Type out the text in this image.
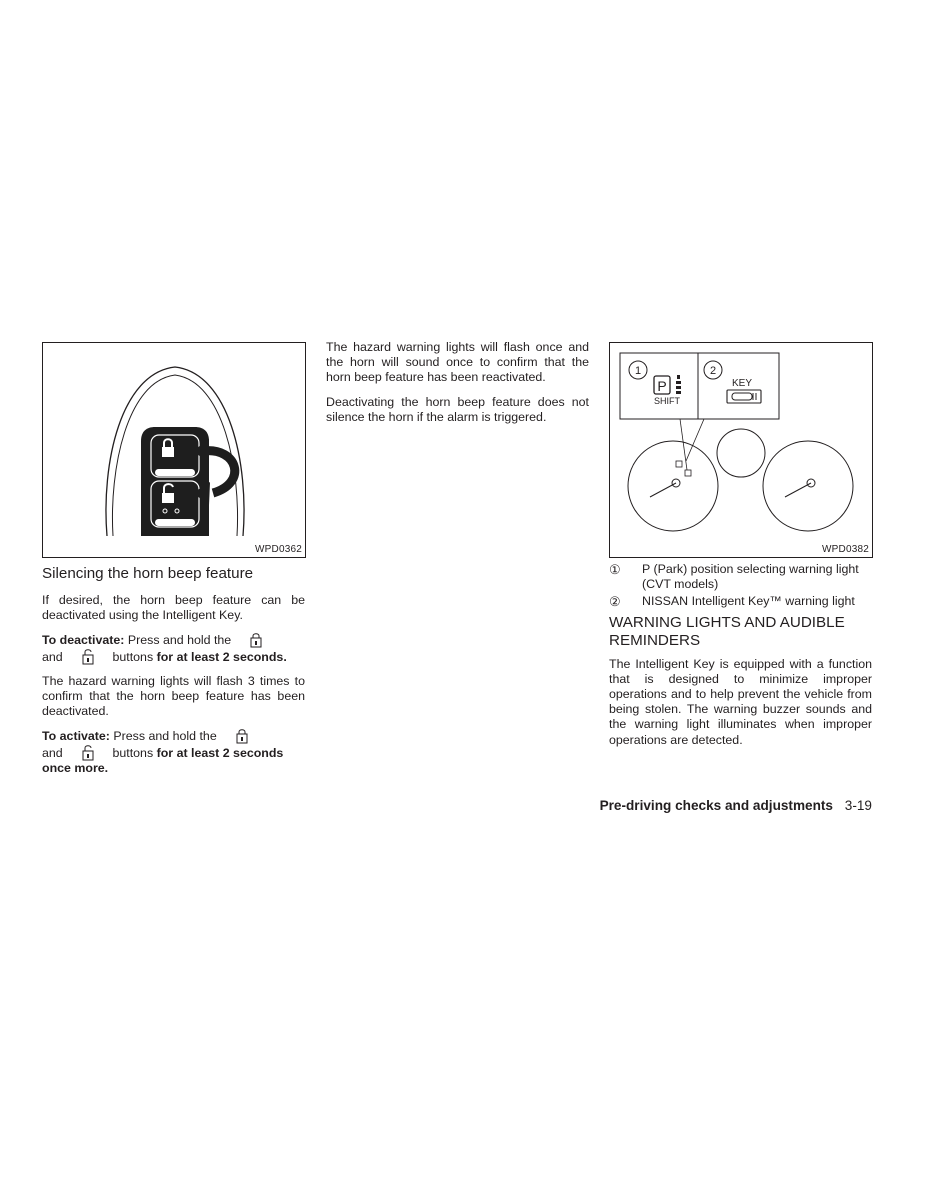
WPD0362
1	2
P
SHIFT
KEY
WPD0382
Silencing the horn beep feature

If desired, the horn beep feature can be deactivated using the Intelligent Key.

To deactivate: Press and hold the
and	buttons for at least 2 seconds.

The hazard warning lights will flash 3 times to confirm that the horn beep feature has been deactivated.

To activate: Press and hold the
and	buttons for at least 2 seconds once more.

The hazard warning lights will flash once and the horn will sound once to confirm that the horn beep feature has been reactivated.

Deactivating the horn beep feature does not silence the horn if the alarm is triggered.

①	P (Park) position selecting warning light (CVT models)
②	NISSAN Intelligent Key™ warning light
WARNING LIGHTS AND AUDIBLE REMINDERS

The Intelligent Key is equipped with a function that is designed to minimize improper operations and to help prevent the vehicle from being stolen. The warning buzzer sounds and the warning light illuminates when improper operations are detected.

Pre-driving checks and adjustments 3-19
